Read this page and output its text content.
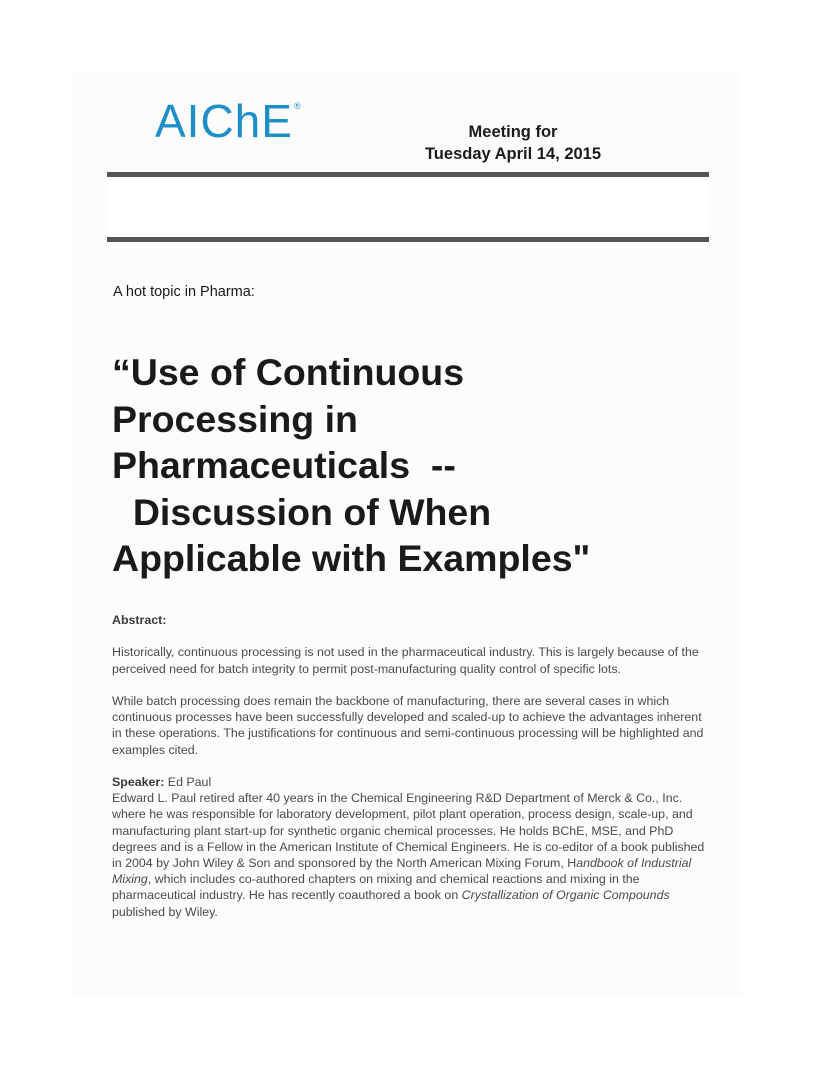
AIChE®
Meeting for
Tuesday April 14, 2015
A hot topic in Pharma:
“Use of Continuous
Processing in
Pharmaceuticals  --
Discussion of When
Applicable with Examples"

Abstract:

Historically, continuous processing is not used in the pharmaceutical industry. This is largely because of the perceived need for batch integrity to permit post-manufacturing quality control of specific lots.

While batch processing does remain the backbone of manufacturing, there are several cases in which continuous processes have been successfully developed and scaled-up to achieve the advantages inherent in these operations. The justifications for continuous and semi-continuous processing will be highlighted and examples cited.

Speaker: Ed Paul

Edward L. Paul retired after 40 years in the Chemical Engineering R&D Department of Merck & Co., Inc. where he was responsible for laboratory development, pilot plant operation, process design, scale-up, and manufacturing plant start-up for synthetic organic chemical processes. He holds BChE, MSE, and PhD degrees and is a Fellow in the American Institute of Chemical Engineers. He is co-editor of a book published in 2004 by John Wiley & Son and sponsored by the North American Mixing Forum, Handbook of Industrial Mixing, which includes co-authored chapters on mixing and chemical reactions and mixing in the pharmaceutical industry. He has recently coauthored a book on Crystallization of Organic Compounds published by Wiley.
